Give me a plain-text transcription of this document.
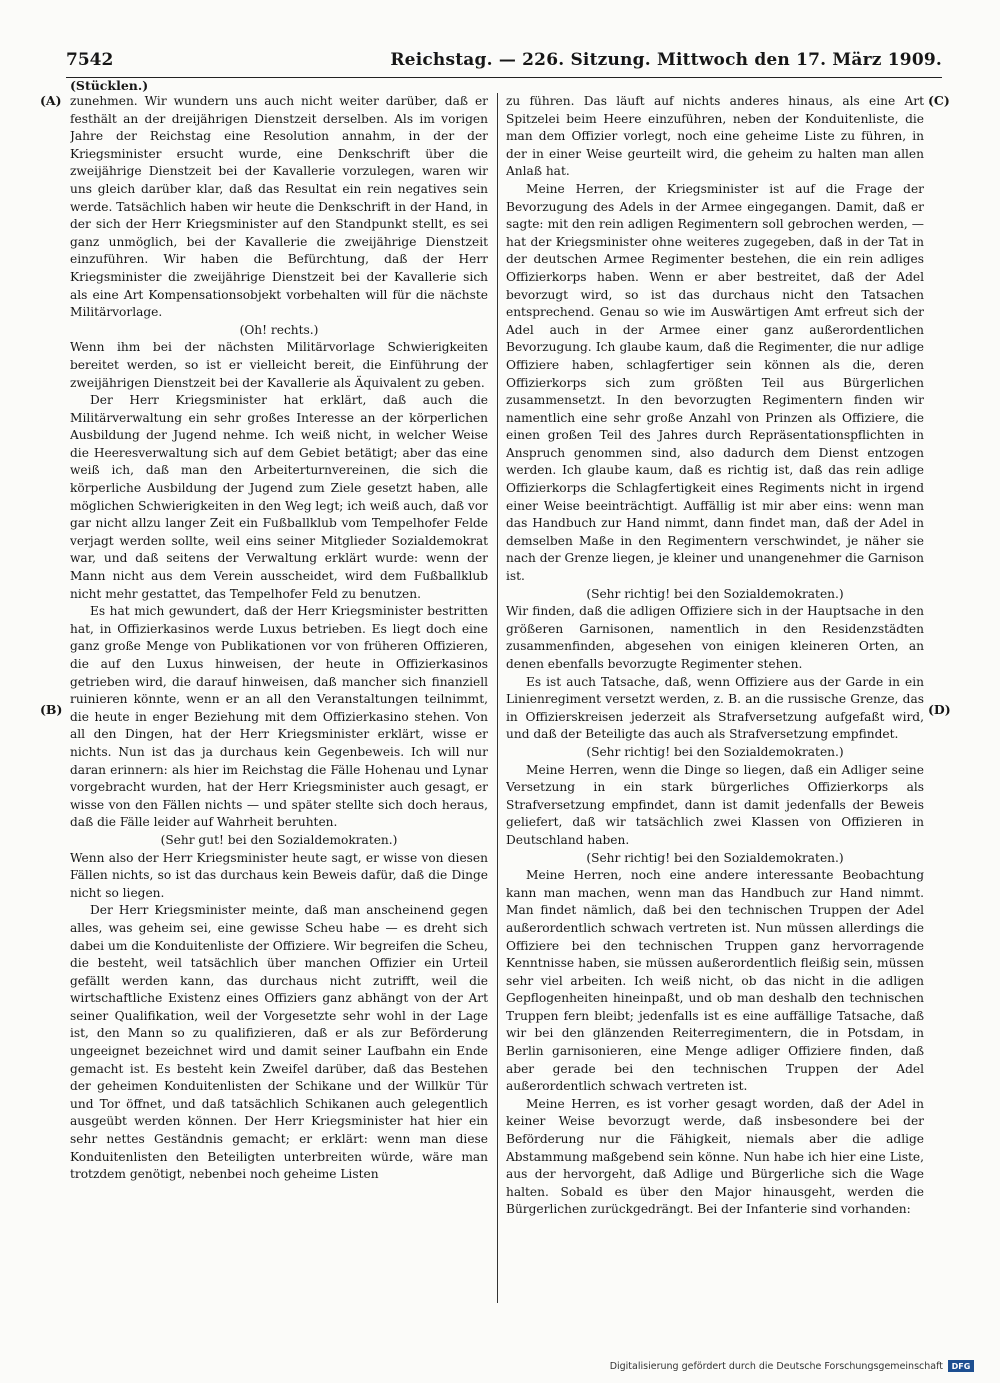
7542	Reichstag. — 226. Sitzung. Mittwoch den 17. März 1909.
(Stücklen.)
(A)
(B)
(C)
(D)

zunehmen. Wir wundern uns auch nicht weiter darüber, daß er festhält an der dreijährigen Dienstzeit derselben. Als im vorigen Jahre der Reichstag eine Resolution annahm, in der der Kriegsminister ersucht wurde, eine Denkschrift über die zweijährige Dienstzeit bei der Kavallerie vorzulegen, waren wir uns gleich darüber klar, daß das Resultat ein rein negatives sein werde. Tatsächlich haben wir heute die Denkschrift in der Hand, in der sich der Herr Kriegsminister auf den Standpunkt stellt, es sei ganz unmöglich, bei der Kavallerie die zweijährige Dienstzeit einzuführen. Wir haben die Befürchtung, daß der Herr Kriegsminister die zweijährige Dienstzeit bei der Kavallerie sich als eine Art Kompensationsobjekt vorbehalten will für die nächste Militärvorlage.

(Oh! rechts.)

Wenn ihm bei der nächsten Militärvorlage Schwierigkeiten bereitet werden, so ist er vielleicht bereit, die Einführung der zweijährigen Dienstzeit bei der Kavallerie als Äquivalent zu geben.

Der Herr Kriegsminister hat erklärt, daß auch die Militärverwaltung ein sehr großes Interesse an der körperlichen Ausbildung der Jugend nehme. Ich weiß nicht, in welcher Weise die Heeresverwaltung sich auf dem Gebiet betätigt; aber das eine weiß ich, daß man den Arbeiterturnvereinen, die sich die körperliche Ausbildung der Jugend zum Ziele gesetzt haben, alle möglichen Schwierigkeiten in den Weg legt; ich weiß auch, daß vor gar nicht allzu langer Zeit ein Fußballklub vom Tempelhofer Felde verjagt werden sollte, weil eins seiner Mitglieder Sozialdemokrat war, und daß seitens der Verwaltung erklärt wurde: wenn der Mann nicht aus dem Verein ausscheidet, wird dem Fußballklub nicht mehr gestattet, das Tempelhofer Feld zu benutzen.

Es hat mich gewundert, daß der Herr Kriegsminister bestritten hat, in Offizierkasinos werde Luxus betrieben. Es liegt doch eine ganz große Menge von Publikationen vor von früheren Offizieren, die auf den Luxus hinweisen, der heute in Offizierkasinos getrieben wird, die darauf hinweisen, daß mancher sich finanziell ruinieren könnte, wenn er an all den Veranstaltungen teilnimmt, die heute in enger Beziehung mit dem Offizierkasino stehen. Von all den Dingen, hat der Herr Kriegsminister erklärt, wisse er nichts. Nun ist das ja durchaus kein Gegenbeweis. Ich will nur daran erinnern: als hier im Reichstag die Fälle Hohenau und Lynar vorgebracht wurden, hat der Herr Kriegsminister auch gesagt, er wisse von den Fällen nichts — und später stellte sich doch heraus, daß die Fälle leider auf Wahrheit beruhten.

(Sehr gut! bei den Sozialdemokraten.)

Wenn also der Herr Kriegsminister heute sagt, er wisse von diesen Fällen nichts, so ist das durchaus kein Beweis dafür, daß die Dinge nicht so liegen.

Der Herr Kriegsminister meinte, daß man anscheinend gegen alles, was geheim sei, eine gewisse Scheu habe — es dreht sich dabei um die Konduitenliste der Offiziere. Wir begreifen die Scheu, die besteht, weil tatsächlich über manchen Offizier ein Urteil gefällt werden kann, das durchaus nicht zutrifft, weil die wirtschaftliche Existenz eines Offiziers ganz abhängt von der Art seiner Qualifikation, weil der Vorgesetzte sehr wohl in der Lage ist, den Mann so zu qualifizieren, daß er als zur Beförderung ungeeignet bezeichnet wird und damit seiner Laufbahn ein Ende gemacht ist. Es besteht kein Zweifel darüber, daß das Bestehen der geheimen Konduitenlisten der Schikane und der Willkür Tür und Tor öffnet, und daß tatsächlich Schikanen auch gelegentlich ausgeübt werden können. Der Herr Kriegsminister hat hier ein sehr nettes Geständnis gemacht; er erklärt: wenn man diese Konduitenlisten den Beteiligten unterbreiten würde, wäre man trotzdem genötigt, nebenbei noch geheime Listen

zu führen. Das läuft auf nichts anderes hinaus, als eine Art Spitzelei beim Heere einzuführen, neben der Konduitenliste, die man dem Offizier vorlegt, noch eine geheime Liste zu führen, in der in einer Weise geurteilt wird, die geheim zu halten man allen Anlaß hat.

Meine Herren, der Kriegsminister ist auf die Frage der Bevorzugung des Adels in der Armee eingegangen. Damit, daß er sagte: mit den rein adligen Regimentern soll gebrochen werden, — hat der Kriegsminister ohne weiteres zugegeben, daß in der Tat in der deutschen Armee Regimenter bestehen, die ein rein adliges Offizierkorps haben. Wenn er aber bestreitet, daß der Adel bevorzugt wird, so ist das durchaus nicht den Tatsachen entsprechend. Genau so wie im Auswärtigen Amt erfreut sich der Adel auch in der Armee einer ganz außerordentlichen Bevorzugung. Ich glaube kaum, daß die Regimenter, die nur adlige Offiziere haben, schlagfertiger sein können als die, deren Offizierkorps sich zum größten Teil aus Bürgerlichen zusammensetzt. In den bevorzugten Regimentern finden wir namentlich eine sehr große Anzahl von Prinzen als Offiziere, die einen großen Teil des Jahres durch Repräsentationspflichten in Anspruch genommen sind, also dadurch dem Dienst entzogen werden. Ich glaube kaum, daß es richtig ist, daß das rein adlige Offizierkorps die Schlagfertigkeit eines Regiments nicht in irgend einer Weise beeinträchtigt. Auffällig ist mir aber eins: wenn man das Handbuch zur Hand nimmt, dann findet man, daß der Adel in demselben Maße in den Regimentern verschwindet, je näher sie nach der Grenze liegen, je kleiner und unangenehmer die Garnison ist.

(Sehr richtig! bei den Sozialdemokraten.)

Wir finden, daß die adligen Offiziere sich in der Hauptsache in den größeren Garnisonen, namentlich in den Residenzstädten zusammenfinden, abgesehen von einigen kleineren Orten, an denen ebenfalls bevorzugte Regimenter stehen.

Es ist auch Tatsache, daß, wenn Offiziere aus der Garde in ein Linienregiment versetzt werden, z. B. an die russische Grenze, das in Offizierskreisen jederzeit als Strafversetzung aufgefaßt wird, und daß der Beteiligte das auch als Strafversetzung empfindet.

(Sehr richtig! bei den Sozialdemokraten.)

Meine Herren, wenn die Dinge so liegen, daß ein Adliger seine Versetzung in ein stark bürgerliches Offizierkorps als Strafversetzung empfindet, dann ist damit jedenfalls der Beweis geliefert, daß wir tatsächlich zwei Klassen von Offizieren in Deutschland haben.

(Sehr richtig! bei den Sozialdemokraten.)

Meine Herren, noch eine andere interessante Beobachtung kann man machen, wenn man das Handbuch zur Hand nimmt. Man findet nämlich, daß bei den technischen Truppen der Adel außerordentlich schwach vertreten ist. Nun müssen allerdings die Offiziere bei den technischen Truppen ganz hervorragende Kenntnisse haben, sie müssen außerordentlich fleißig sein, müssen sehr viel arbeiten. Ich weiß nicht, ob das nicht in die adligen Gepflogenheiten hineinpaßt, und ob man deshalb den technischen Truppen fern bleibt; jedenfalls ist es eine auffällige Tatsache, daß wir bei den glänzenden Reiterregimentern, die in Potsdam, in Berlin garnisonieren, eine Menge adliger Offiziere finden, daß aber gerade bei den technischen Truppen der Adel außerordentlich schwach vertreten ist.

Meine Herren, es ist vorher gesagt worden, daß der Adel in keiner Weise bevorzugt werde, daß insbesondere bei der Beförderung nur die Fähigkeit, niemals aber die adlige Abstammung maßgebend sein könne. Nun habe ich hier eine Liste, aus der hervorgeht, daß Adlige und Bürgerliche sich die Wage halten. Sobald es über den Major hinausgeht, werden die Bürgerlichen zurückgedrängt. Bei der Infanterie sind vorhanden:

Digitalisierung gefördert durch die Deutsche Forschungsgemeinschaft	DFG
